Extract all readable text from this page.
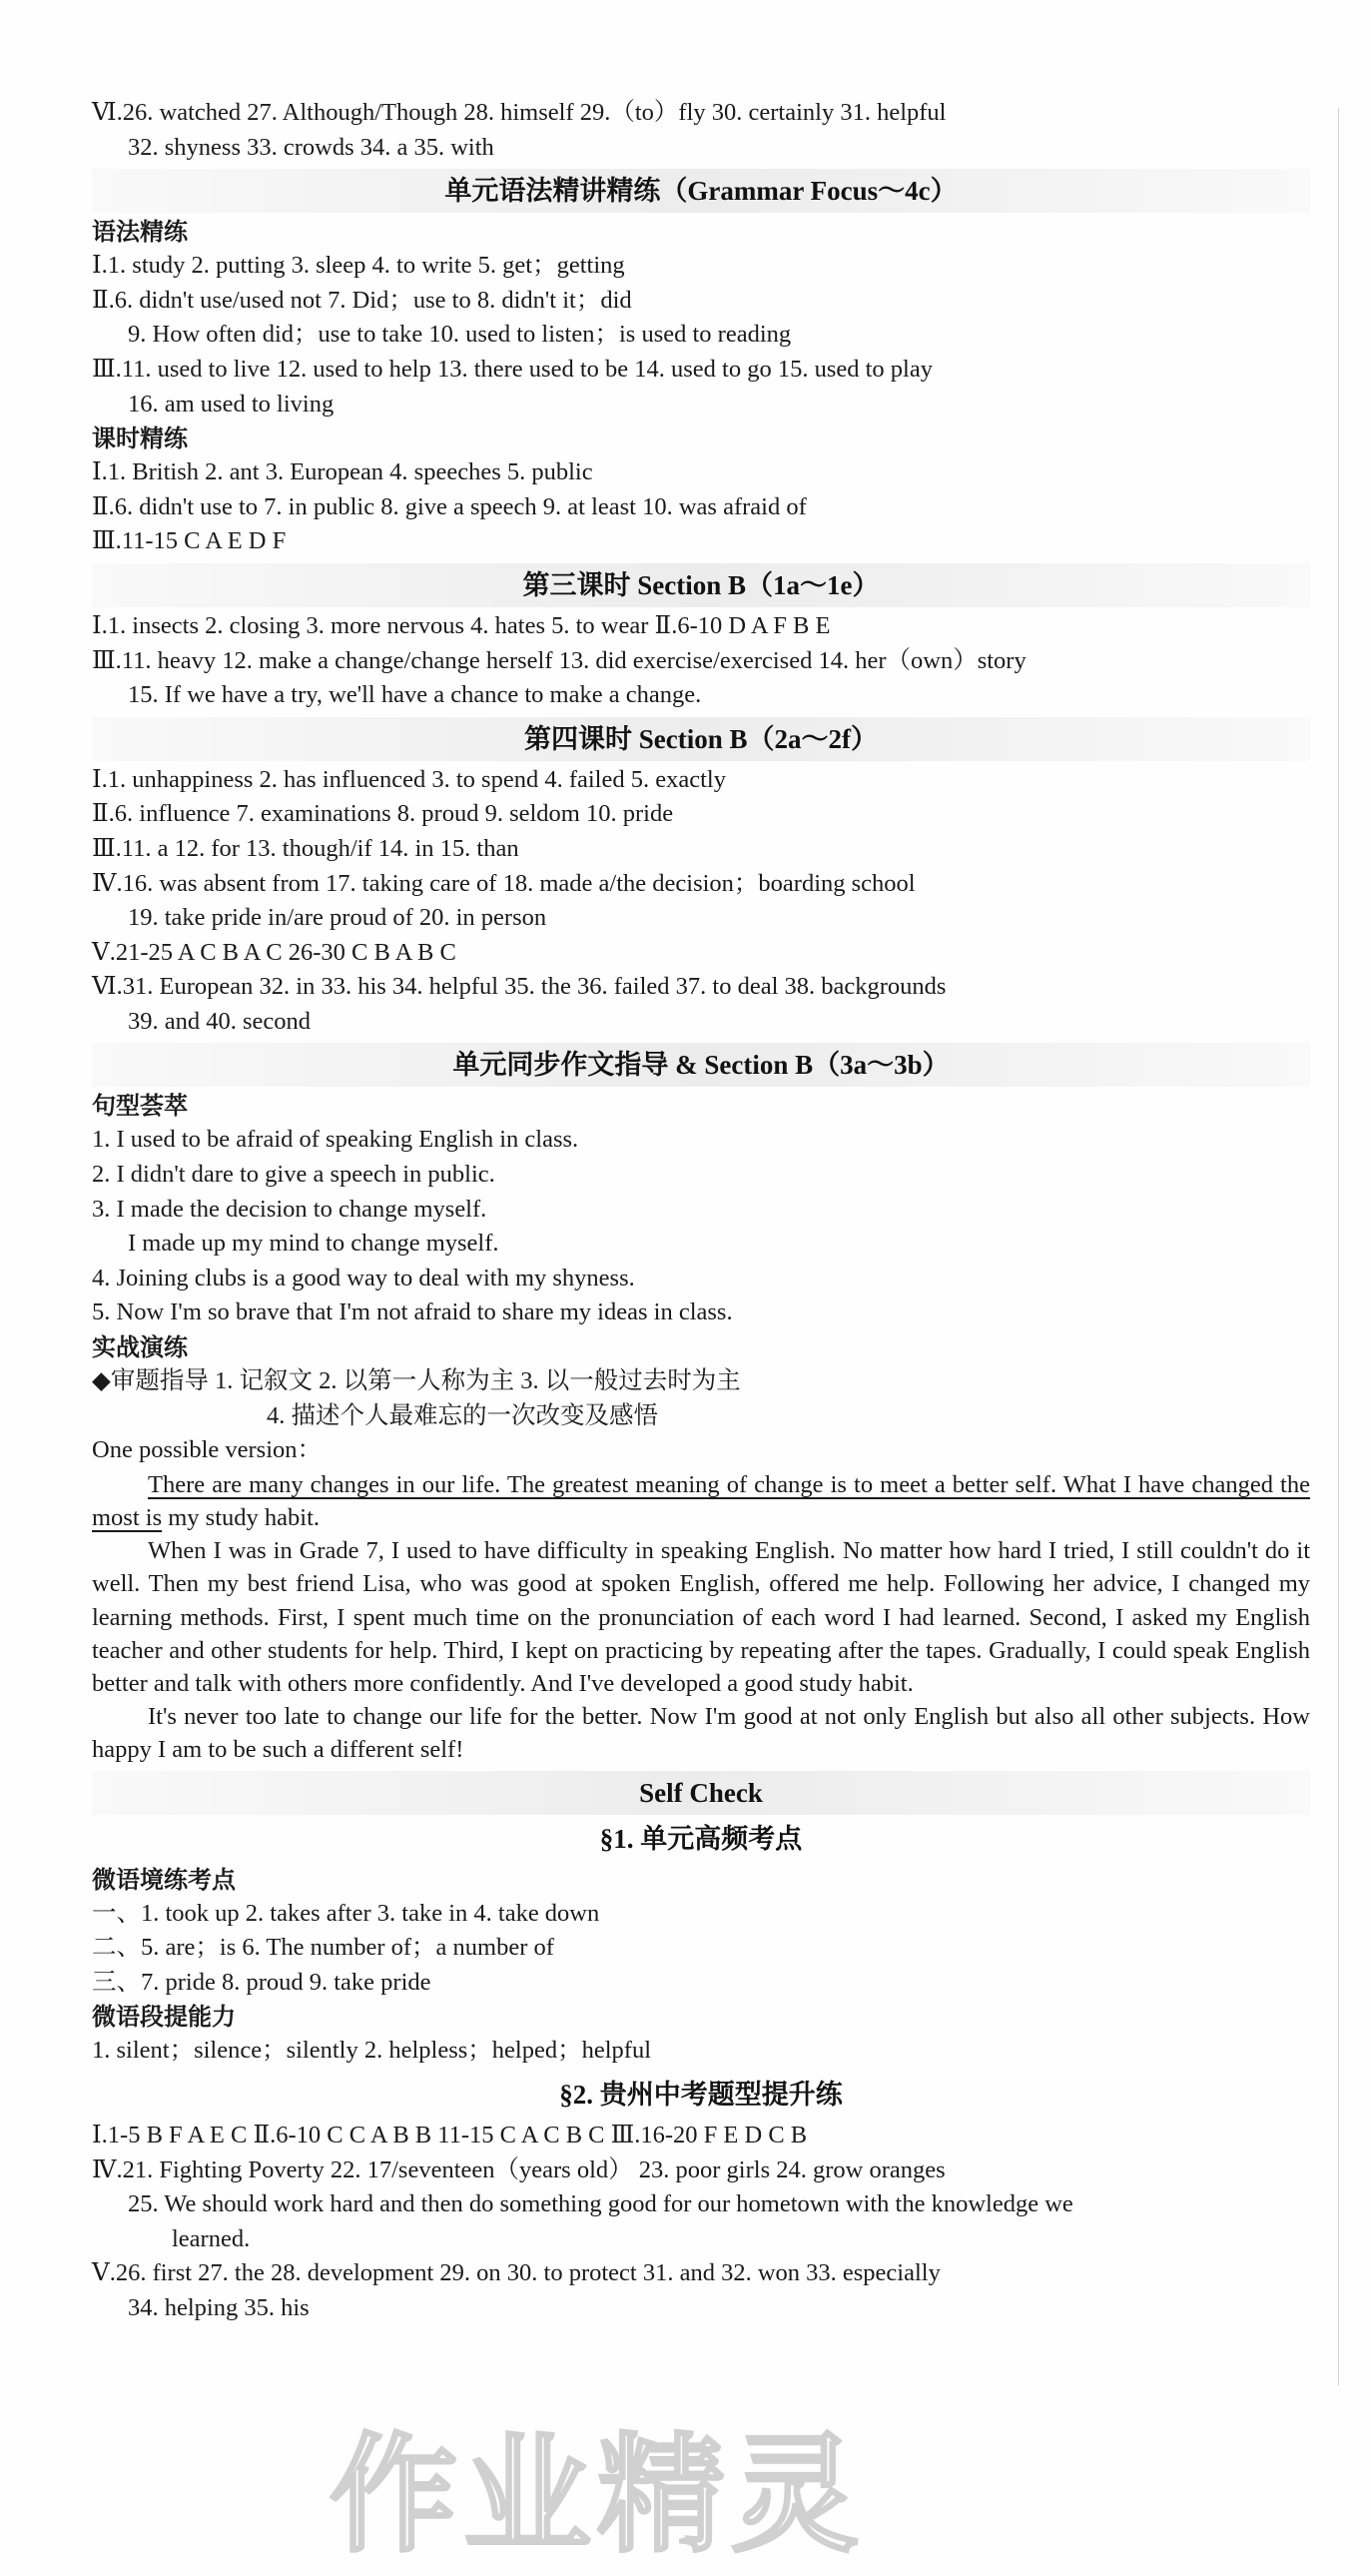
Ⅵ.26. watched 27. Although/Though 28. himself 29.（to）fly 30. certainly 31. helpful
32. shyness 33. crowds 34. a 35. with
单元语法精讲精练（Grammar Focus～4c）
语法精练
Ⅰ.1. study 2. putting 3. sleep 4. to write 5. get；getting
Ⅱ.6. didn't use/used not 7. Did；use to 8. didn't it；did
9. How often did；use to take 10. used to listen；is used to reading
Ⅲ.11. used to live 12. used to help 13. there used to be 14. used to go 15. used to play
16. am used to living
课时精练
Ⅰ.1. British 2. ant 3. European 4. speeches 5. public
Ⅱ.6. didn't use to 7. in public 8. give a speech 9. at least 10. was afraid of
Ⅲ.11-15 C A E D F
第三课时 Section B（1a～1e）
Ⅰ.1. insects 2. closing 3. more nervous 4. hates 5. to wear Ⅱ.6-10 D A F B E
Ⅲ.11. heavy 12. make a change/change herself 13. did exercise/exercised 14. her（own）story
15. If we have a try, we'll have a chance to make a change.
第四课时 Section B（2a～2f）
Ⅰ.1. unhappiness 2. has influenced 3. to spend 4. failed 5. exactly
Ⅱ.6. influence 7. examinations 8. proud 9. seldom 10. pride
Ⅲ.11. a 12. for 13. though/if 14. in 15. than
Ⅳ.16. was absent from 17. taking care of 18. made a/the decision；boarding school
19. take pride in/are proud of 20. in person
Ⅴ.21-25 A C B A C 26-30 C B A B C
Ⅵ.31. European 32. in 33. his 34. helpful 35. the 36. failed 37. to deal 38. backgrounds
39. and 40. second
单元同步作文指导 & Section B（3a～3b）
句型荟萃
1. I used to be afraid of speaking English in class.
2. I didn't dare to give a speech in public.
3. I made the decision to change myself.
I made up my mind to change myself.
4. Joining clubs is a good way to deal with my shyness.
5. Now I'm so brave that I'm not afraid to share my ideas in class.
实战演练
◆审题指导 1. 记叙文 2. 以第一人称为主 3. 以一般过去时为主
4. 描述个人最难忘的一次改变及感悟
One possible version：
There are many changes in our life. The greatest meaning of change is to meet a better self. What I have changed the most is my study habit.
When I was in Grade 7, I used to have difficulty in speaking English. No matter how hard I tried, I still couldn't do it well. Then my best friend Lisa, who was good at spoken English, offered me help. Following her advice, I changed my learning methods. First, I spent much time on the pronunciation of each word I had learned. Second, I asked my English teacher and other students for help. Third, I kept on practicing by repeating after the tapes. Gradually, I could speak English better and talk with others more confidently. And I've developed a good study habit.
It's never too late to change our life for the better. Now I'm good at not only English but also all other subjects. How happy I am to be such a different self!
Self Check
§1. 单元高频考点
微语境练考点
一、1. took up 2. takes after 3. take in 4. take down
二、5. are；is 6. The number of；a number of
三、7. pride 8. proud 9. take pride
微语段提能力
1. silent；silence；silently 2. helpless；helped；helpful
§2. 贵州中考题型提升练
Ⅰ.1-5 B F A E C Ⅱ.6-10 C C A B B 11-15 C A C B C Ⅲ.16-20 F E D C B
Ⅳ.21. Fighting Poverty 22. 17/seventeen（years old） 23. poor girls 24. grow oranges
25. We should work hard and then do something good for our hometown with the knowledge we
learned.
Ⅴ.26. first 27. the 28. development 29. on 30. to protect 31. and 32. won 33. especially
34. helping 35. his
作业精灵
